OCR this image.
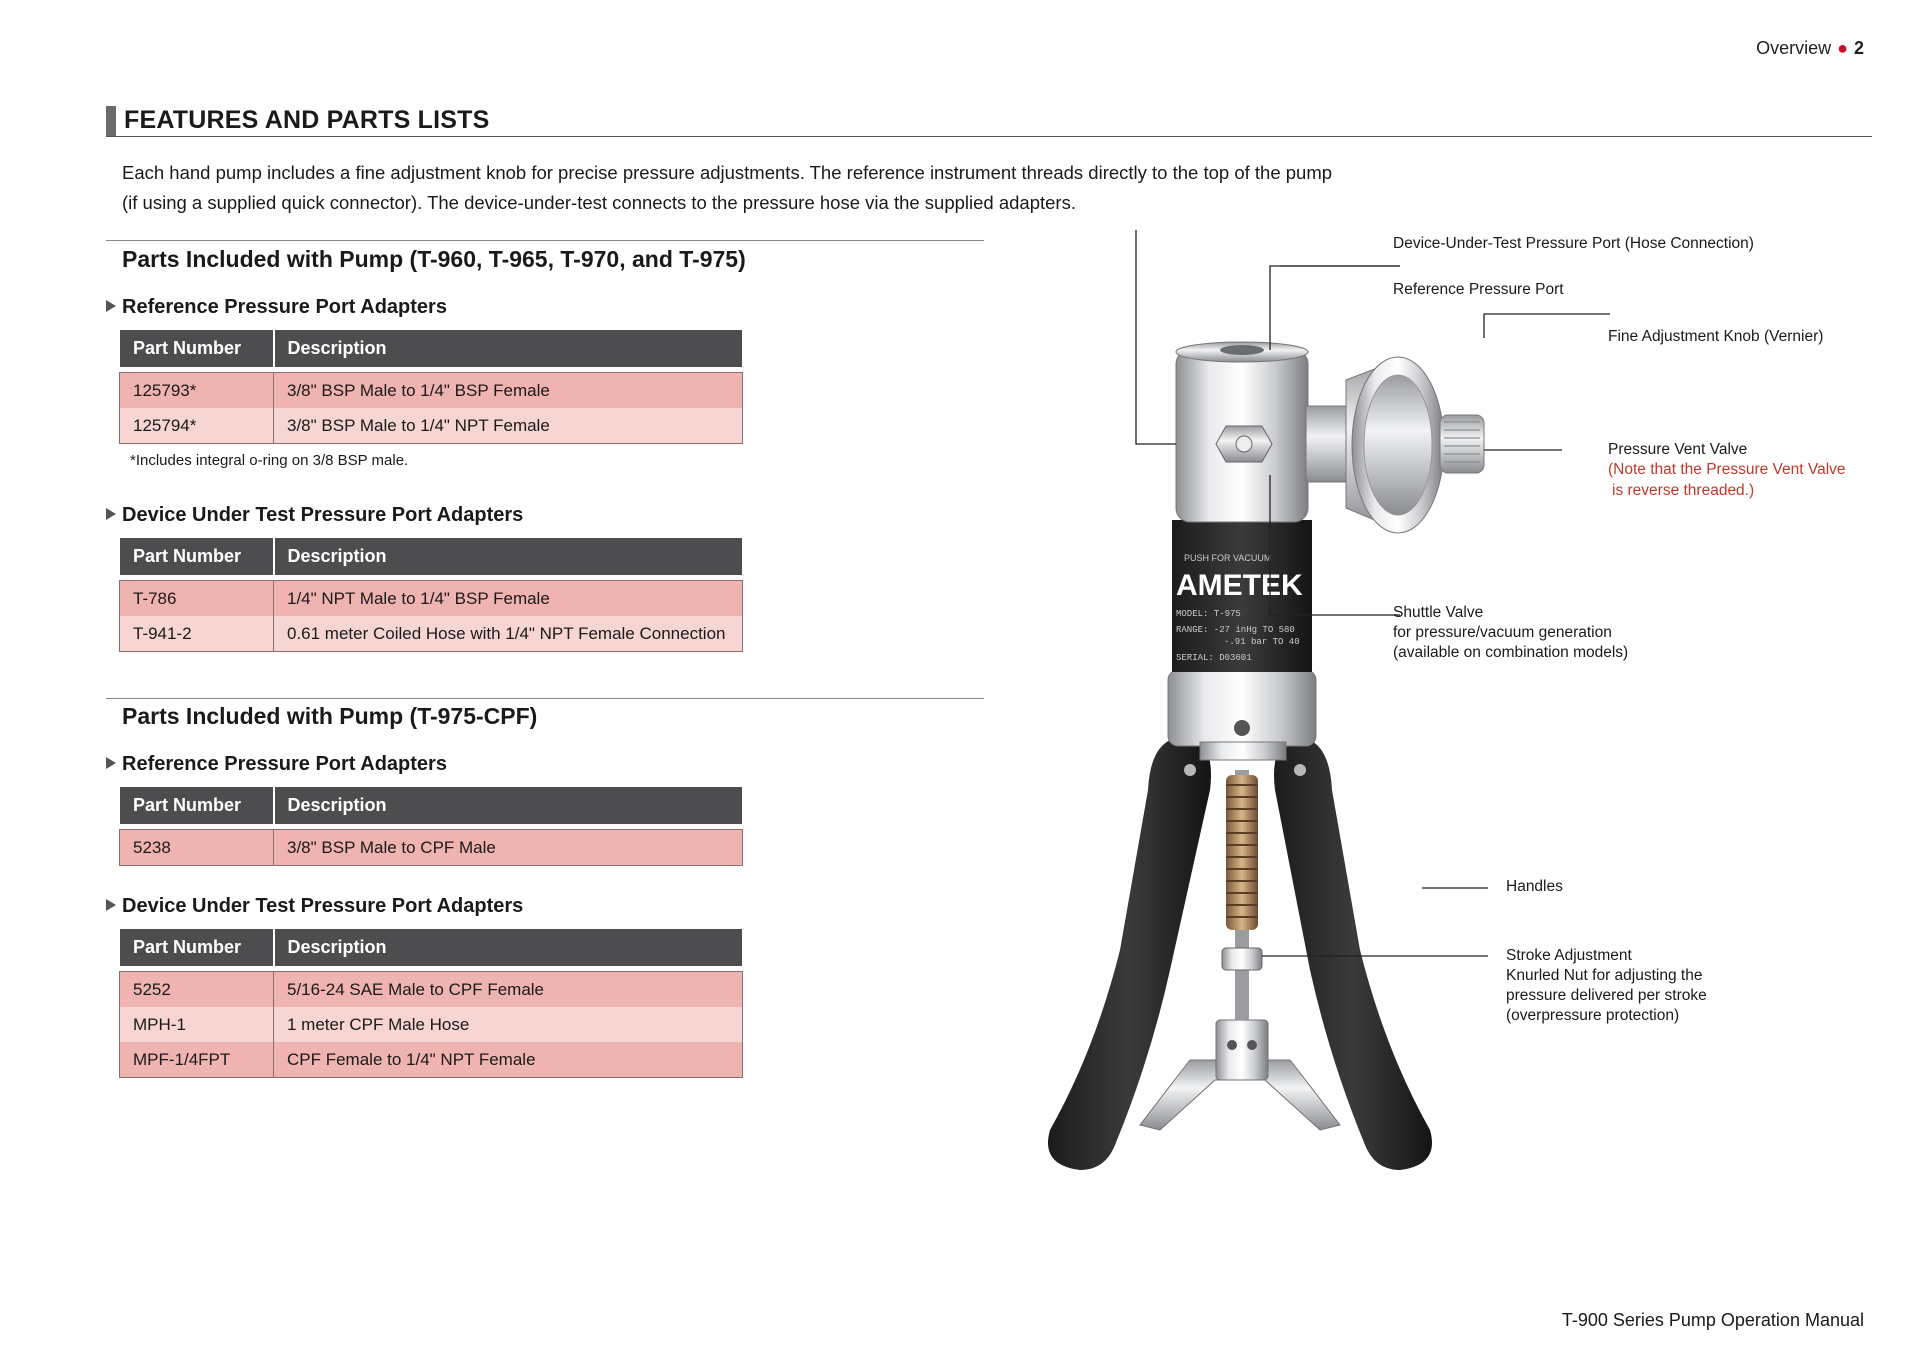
Overview ● 2
FEATURES AND PARTS LISTS
Each hand pump includes a fine adjustment knob for precise pressure adjustments. The reference instrument threads directly to the top of the pump
(if using a supplied quick connector). The device-under-test connects to the pressure hose via the supplied adapters.
Parts Included with Pump (T-960, T-965, T-970, and T-975)
Reference Pressure Port Adapters
Part Number	Description

125793*	3/8" BSP Male to 1/4" BSP Female
125794*	3/8" BSP Male to 1/4" NPT Female
*Includes integral o-ring on 3/8 BSP male.
Device Under Test Pressure Port Adapters
Part Number	Description

T-786	1/4" NPT Male to 1/4" BSP Female
T-941-2	0.61 meter Coiled Hose with 1/4" NPT Female Connection
Parts Included with Pump (T-975-CPF)
Reference Pressure Port Adapters
Part Number	Description

5238	3/8" BSP Male to CPF Male
Device Under Test Pressure Port Adapters
Part Number	Description

5252	5/16-24 SAE Male to CPF Female
MPH-1	1 meter CPF Male Hose
MPF-1/4FPT	CPF Female to 1/4" NPT Female
PUSH FOR VACUUM
AMETEK
MODEL: T-975
RANGE: -27 inHg TO 580
-.91 bar TO 40
SERIAL: D03601
Device-Under-Test Pressure Port (Hose Connection)
Reference Pressure Port
Fine Adjustment Knob (Vernier)
Pressure Vent Valve
(Note that the Pressure Vent Valve
is reverse threaded.)
Shuttle Valve
for pressure/vacuum generation
(available on combination models)
Handles
Stroke Adjustment
Knurled Nut for adjusting the
pressure delivered per stroke
(overpressure protection)
T-900 Series Pump Operation Manual
